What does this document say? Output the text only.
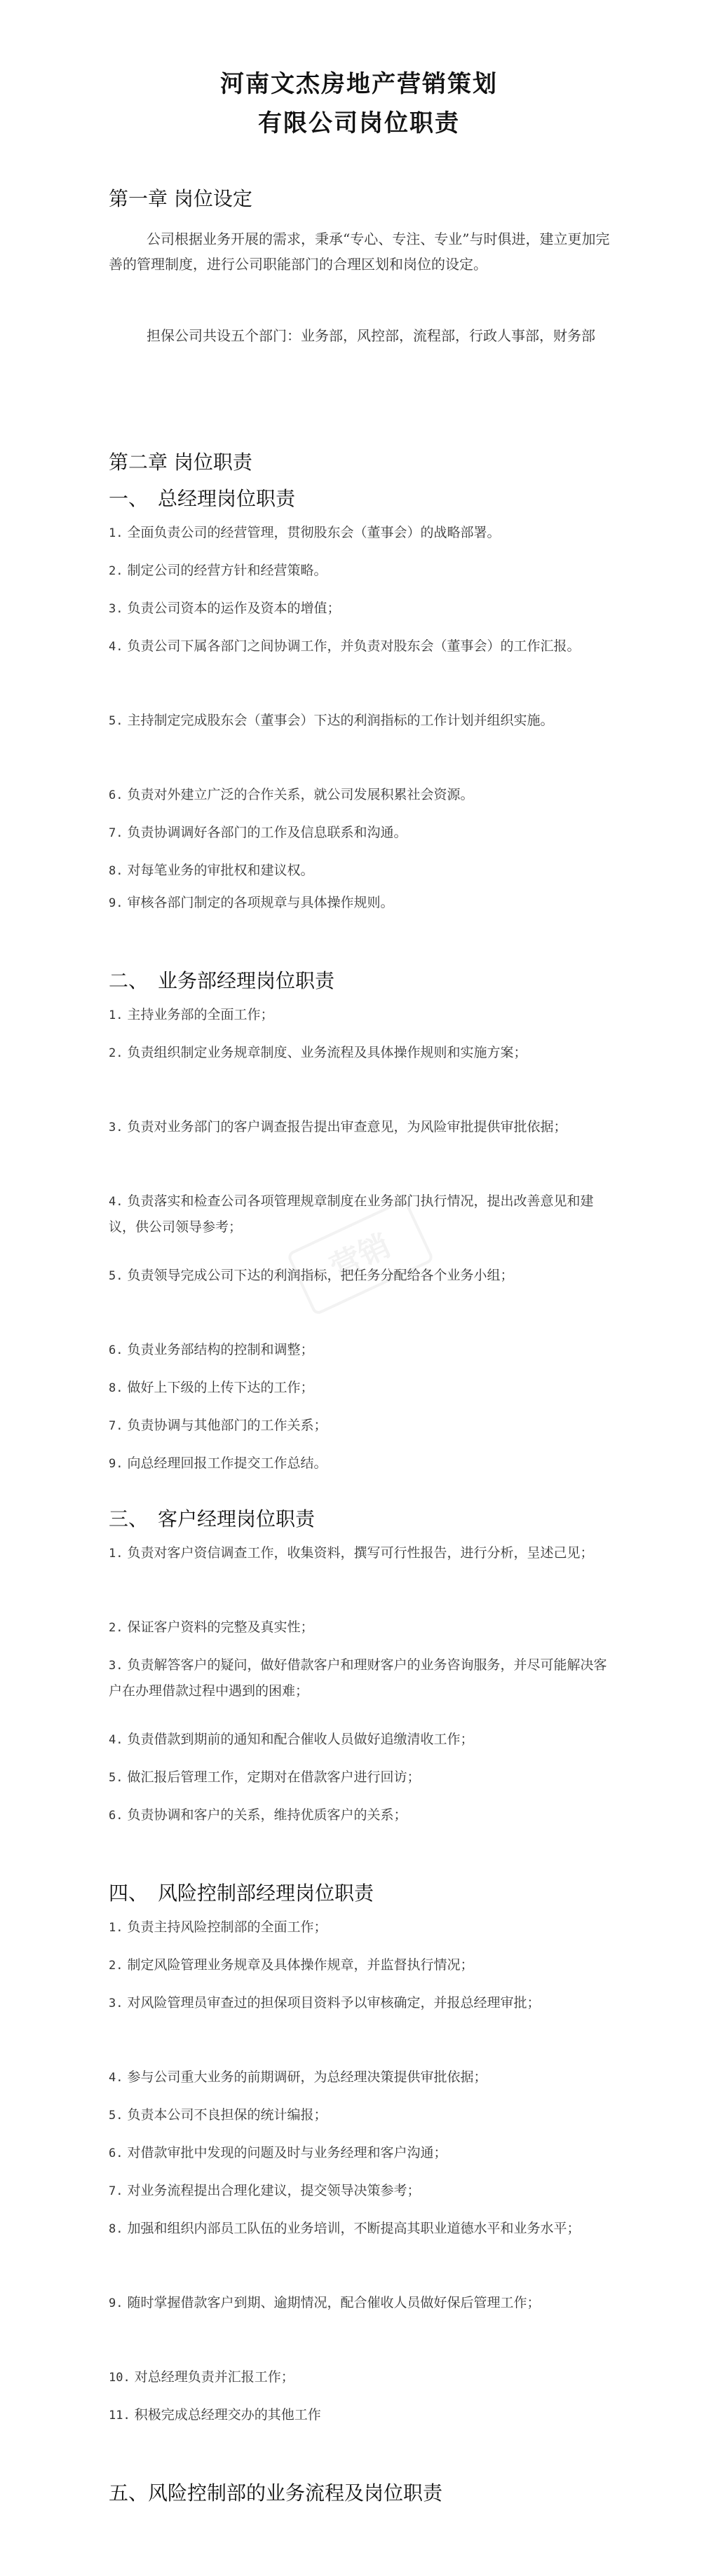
河南文杰房地产营销策划
有限公司岗位职责
第一章 岗位设定
公司根据业务开展的需求，秉承“专心、专注、专业”与时俱进，建立更加完善的管理制度，进行公司职能部门的合理区划和岗位的设定。
担保公司共设五个部门：业务部，风控部，流程部，行政人事部，财务部
第二章 岗位职责
一、　总经理岗位职责
1. 全面负责公司的经营管理，贯彻股东会（董事会）的战略部署。
2. 制定公司的经营方针和经营策略。
3. 负责公司资本的运作及资本的增值；
4. 负责公司下属各部门之间协调工作，并负责对股东会（董事会）的工作汇报。
5. 主持制定完成股东会（董事会）下达的利润指标的工作计划并组织实施。
6. 负责对外建立广泛的合作关系，就公司发展积累社会资源。
7. 负责协调调好各部门的工作及信息联系和沟通。
8. 对每笔业务的审批权和建议权。
9. 审核各部门制定的各项规章与具体操作规则。
二、　业务部经理岗位职责
1. 主持业务部的全面工作；
2. 负责组织制定业务规章制度、业务流程及具体操作规则和实施方案；
3. 负责对业务部门的客户调查报告提出审查意见，为风险审批提供审批依据；
4. 负责落实和检查公司各项管理规章制度在业务部门执行情况，提出改善意见和建议，供公司领导参考；
5. 负责领导完成公司下达的利润指标，把任务分配给各个业务小组；
6. 负责业务部结构的控制和调整；
8. 做好上下级的上传下达的工作；
7. 负责协调与其他部门的工作关系；
9. 向总经理回报工作提交工作总结。
三、　客户经理岗位职责
1. 负责对客户资信调查工作，收集资料，撰写可行性报告，进行分析，呈述己见；
2. 保证客户资料的完整及真实性；
3. 负责解答客户的疑问，做好借款客户和理财客户的业务咨询服务，并尽可能解决客户在办理借款过程中遇到的困难；
4. 负责借款到期前的通知和配合催收人员做好追缴清收工作；
5. 做汇报后管理工作，定期对在借款客户进行回访；
6. 负责协调和客户的关系，维持优质客户的关系；
四、　风险控制部经理岗位职责
1. 负责主持风险控制部的全面工作；
2. 制定风险管理业务规章及具体操作规章，并监督执行情况；
3. 对风险管理员审查过的担保项目资料予以审核确定，并报总经理审批；
4. 参与公司重大业务的前期调研，为总经理决策提供审批依据；
5. 负责本公司不良担保的统计编报；
6. 对借款审批中发现的问题及时与业务经理和客户沟通；
7. 对业务流程提出合理化建议，提交领导决策参考；
8. 加强和组织内部员工队伍的业务培训，不断提高其职业道德水平和业务水平；
9. 随时掌握借款客户到期、逾期情况，配合催收人员做好保后管理工作；
10. 对总经理负责并汇报工作；
11. 积极完成总经理交办的其他工作
五、风险控制部的业务流程及岗位职责
营销
